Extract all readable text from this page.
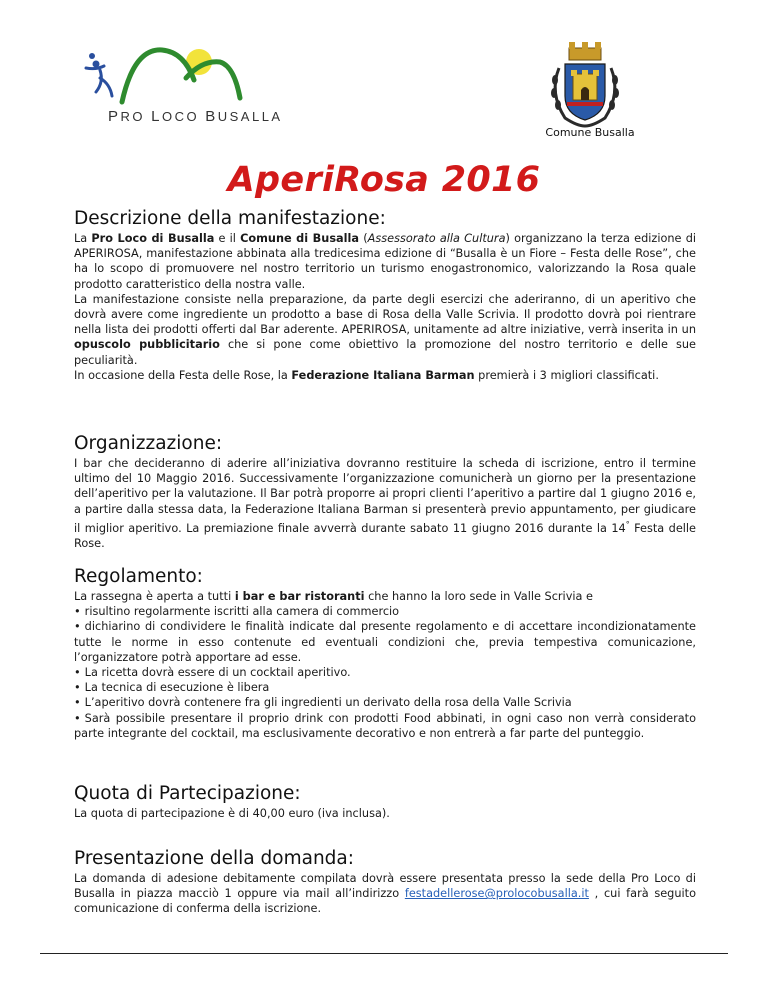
PRO LOCO BUSALLA
Comune Busalla
AperiRosa 2016
Descrizione della manifestazione:

La Pro Loco di Busalla e il Comune di Busalla (Assessorato alla Cultura) organizzano la terza edizione di APERIROSA, manifestazione abbinata alla tredicesima edizione di “Busalla è un Fiore – Festa delle Rose”, che ha lo scopo di promuovere nel nostro territorio un turismo enogastronomico, valorizzando la Rosa quale prodotto caratteristico della nostra valle.

La manifestazione consiste nella preparazione, da parte degli esercizi che aderiranno, di un aperitivo che dovrà avere come ingrediente un prodotto a base di Rosa della Valle Scrivia. Il prodotto dovrà poi rientrare nella lista dei prodotti offerti dal Bar aderente. APERIROSA, unitamente ad altre iniziative, verrà inserita in un opuscolo pubblicitario che si pone come obiettivo la promozione del nostro territorio e delle sue peculiarità.

In occasione della Festa delle Rose, la Federazione Italiana Barman premierà i 3 migliori classificati.

Organizzazione:

I bar che decideranno di aderire all’iniziativa dovranno restituire la scheda di iscrizione, entro il termine ultimo del 10 Maggio 2016. Successivamente l’organizzazione comunicherà un giorno per la presentazione dell’aperitivo per la valutazione. Il Bar potrà proporre ai propri clienti l’aperitivo a partire dal 1 giugno 2016 e, a partire dalla stessa data, la Federazione Italiana Barman si presenterà previo appuntamento, per giudicare il miglior aperitivo. La premiazione finale avverrà durante sabato 11 giugno 2016 durante la 14° Festa delle Rose.

Regolamento:

La rassegna è aperta a tutti i bar e bar ristoranti che hanno la loro sede in Valle Scrivia e

• risultino regolarmente iscritti alla camera di commercio

• dichiarino di condividere le finalità indicate dal presente regolamento e di accettare incondizionatamente tutte le norme in esso contenute ed eventuali condizioni che, previa tempestiva comunicazione, l’organizzatore potrà apportare ad esse.

• La ricetta dovrà essere di un cocktail aperitivo.

• La tecnica di esecuzione è libera

• L’aperitivo dovrà contenere fra gli ingredienti un derivato della rosa della Valle Scrivia

• Sarà possibile presentare il proprio drink con prodotti Food abbinati, in ogni caso non verrà considerato parte integrante del cocktail, ma esclusivamente decorativo e non entrerà a far parte del punteggio.

Quota di Partecipazione:

La quota di partecipazione è di 40,00 euro (iva inclusa).

Presentazione della domanda:

La domanda di adesione debitamente compilata dovrà essere presentata presso la sede della Pro Loco di Busalla in piazza macciò 1 oppure via mail all’indirizzo festadellerose@prolocobusalla.it , cui farà seguito comunicazione di conferma della iscrizione.
